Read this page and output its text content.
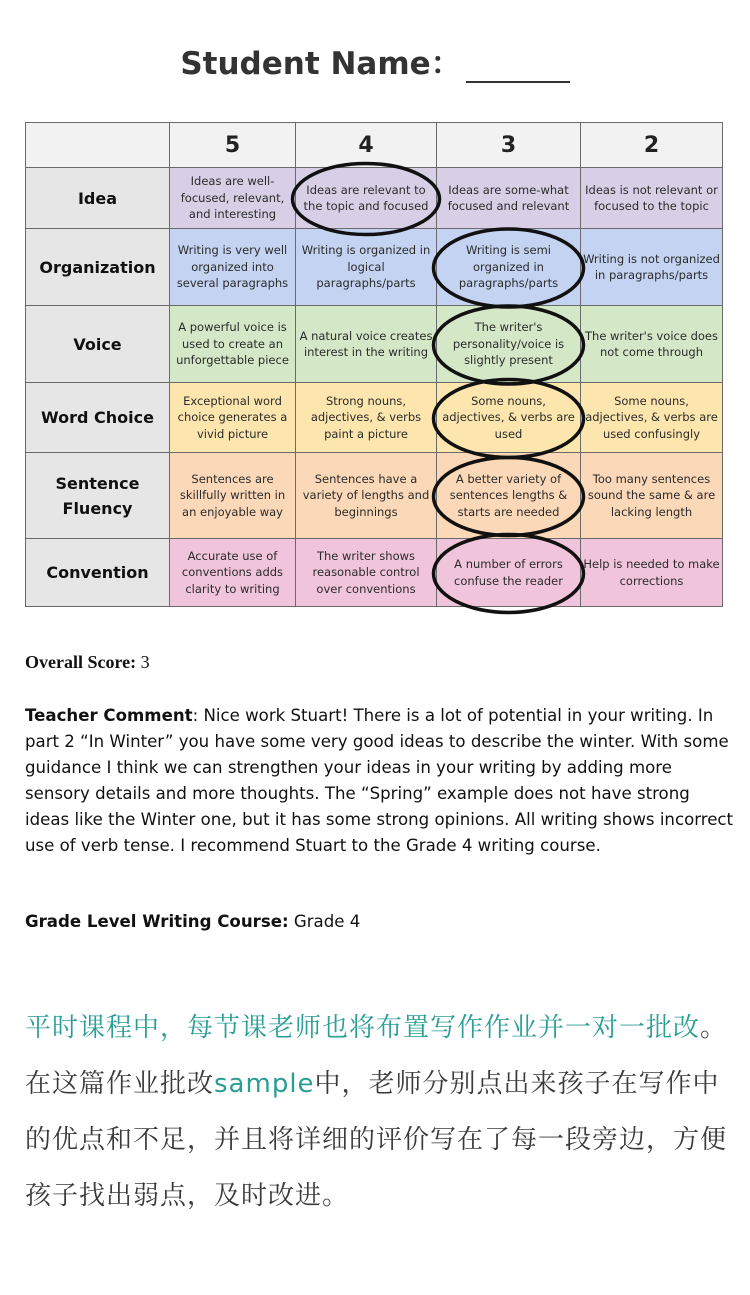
Student Name：
	5	4	3	2
Idea	Ideas are well-focused, relevant, and interesting	Ideas are relevant to the topic and focused	Ideas are some-what focused and relevant	Ideas is not relevant or focused to the topic
Organization	Writing is very well organized into several paragraphs	Writing is organized in logical paragraphs/parts	Writing is semi organized in paragraphs/parts	Writing is not organized in paragraphs/parts
Voice	A powerful voice is used to create an unforgettable piece	A natural voice creates interest in the writing	The writer's personality/voice is slightly present	The writer's voice does not come through
Word Choice	Exceptional word choice generates a vivid picture	Strong nouns, adjectives, & verbs paint a picture	Some nouns, adjectives, & verbs are used	Some nouns, adjectives, & verbs are used confusingly
Sentence Fluency	Sentences are skillfully written in an enjoyable way	Sentences have a variety of lengths and beginnings	A better variety of sentences lengths & starts are needed	Too many sentences sound the same & are lacking length
Convention	Accurate use of conventions adds clarity to writing	The writer shows reasonable control over conventions	A number of errors confuse the reader	Help is needed to make corrections
Overall Score: 3
Teacher Comment: Nice work Stuart! There is a lot of potential in your writing. In part 2 “In Winter” you have some very good ideas to describe the winter. With some guidance I think we can strengthen your ideas in your writing by adding more sensory details and more thoughts. The “Spring” example does not have strong ideas like the Winter one, but it has some strong opinions. All writing shows incorrect use of verb tense. I recommend Stuart to the Grade 4 writing course.
Grade Level Writing Course: Grade 4
平时课程中，每节课老师也将布置写作作业并一对一批改。在这篇作业批改sample中，老师分别点出来孩子在写作中的优点和不足，并且将详细的评价写在了每一段旁边，方便孩子找出弱点，及时改进。
